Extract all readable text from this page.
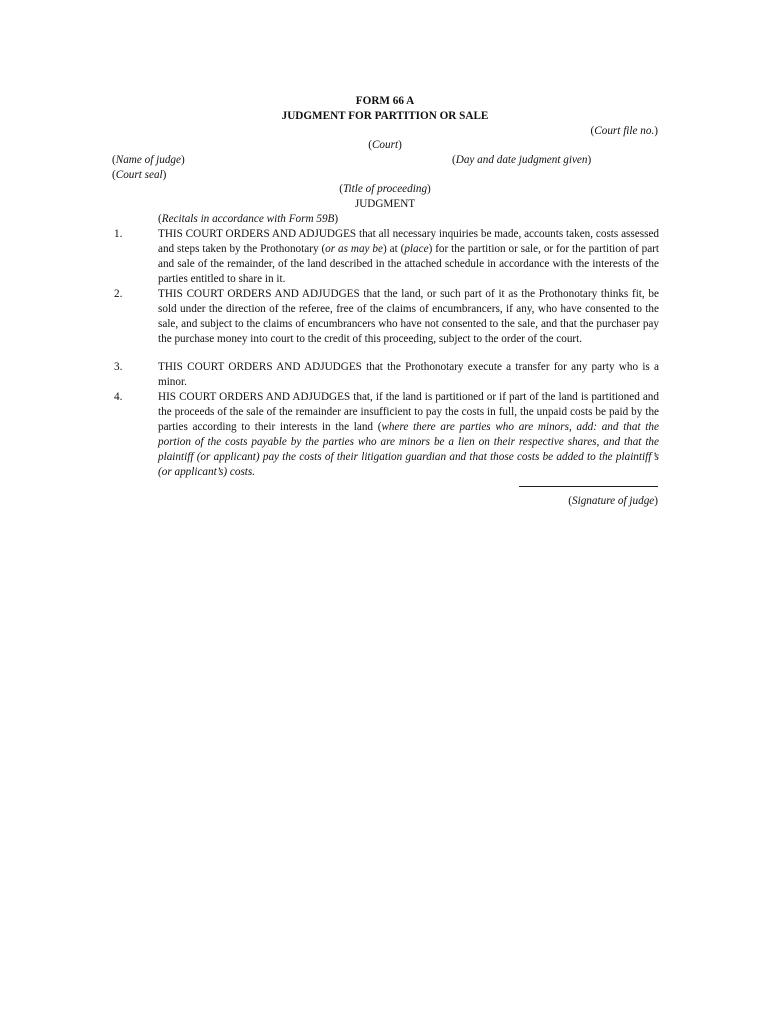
FORM 66 A
JUDGMENT FOR PARTITION OR SALE
(Court file no.)
(Court)
(Name of judge)	(Day and date judgment given)
(Court seal)
(Title of proceeding)
JUDGMENT
(Recitals in accordance with Form 59B)
1.	THIS COURT ORDERS AND ADJUDGES that all necessary inquiries be made, accounts taken, costs assessed and steps taken by the Prothonotary (or as may be) at (place) for the partition or sale, or for the partition of part and sale of the remainder, of the land described in the attached schedule in accordance with the interests of the parties entitled to share in it.
2.	THIS COURT ORDERS AND ADJUDGES that the land, or such part of it as the Prothonotary thinks fit, be sold under the direction of the referee, free of the claims of encumbrancers, if any, who have consented to the sale, and subject to the claims of encumbrancers who have not consented to the sale, and that the purchaser pay the purchase money into court to the credit of this proceeding, subject to the order of the court.
3.	THIS COURT ORDERS AND ADJUDGES that the Prothonotary execute a transfer for any party who is a minor.
4.	HIS COURT ORDERS AND ADJUDGES that, if the land is partitioned or if part of the land is partitioned and the proceeds of the sale of the remainder are insufficient to pay the costs in full, the unpaid costs be paid by the parties according to their interests in the land (where there are parties who are minors, add: and that the portion of the costs payable by the parties who are minors be a lien on their respective shares, and that the plaintiff (or applicant) pay the costs of their litigation guardian and that those costs be added to the plaintiff’s (or applicant’s) costs.
(Signature of judge)
